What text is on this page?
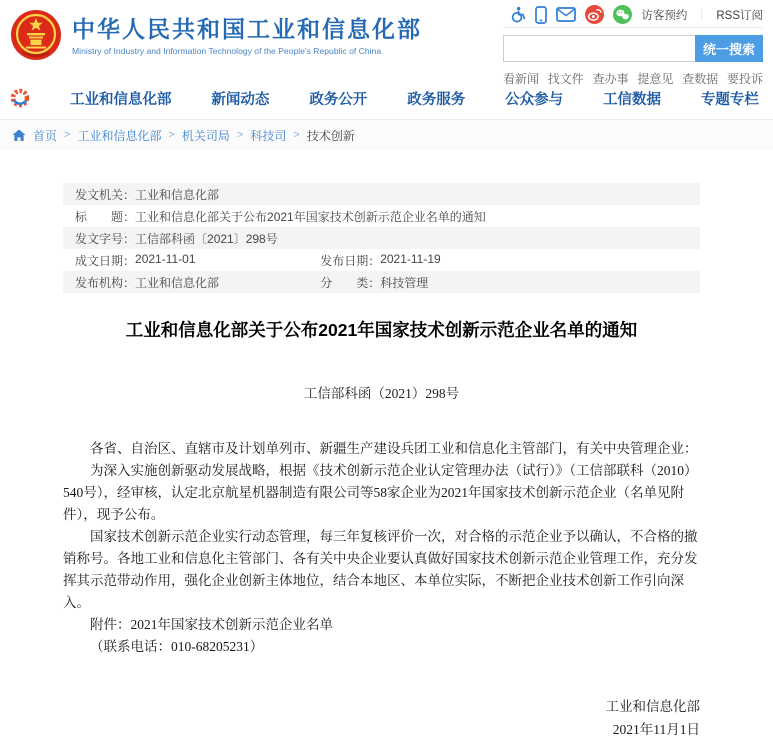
中华人民共和国工业和信息化部
Ministry of Industry and Information Technology of the People's Republic of China
访客预约 ｜ RSS订阅
统一搜索
看新闻 找文件 查办事 提意见 查数据 要投诉
工业和信息化部	新闻动态	政务公开	政务服务	公众参与	工信数据	专题专栏
首页 > 工业和信息化部 > 机关司局 > 科技司 > 技术创新
发文机关： 工业和信息化部
标　　题： 工业和信息化部关于公布2021年国家技术创新示范企业名单的通知
发文字号： 工信部科函〔2021〕298号
成文日期： 2021-11-01	发布日期： 2021-11-19
发布机构： 工业和信息化部	分　　类： 科技管理
工业和信息化部关于公布2021年国家技术创新示范企业名单的通知
工信部科函（2021）298号

各省、自治区、直辖市及计划单列市、新疆生产建设兵团工业和信息化主管部门，有关中央管理企业：

为深入实施创新驱动发展战略，根据《技术创新示范企业认定管理办法（试行）》（工信部联科（2010）540号），经审核，认定北京航星机器制造有限公司等58家企业为2021年国家技术创新示范企业（名单见附件），现予公布。

国家技术创新示范企业实行动态管理，每三年复核评价一次，对合格的示范企业予以确认，不合格的撤销称号。各地工业和信息化主管部门、各有关中央企业要认真做好国家技术创新示范企业管理工作，充分发挥其示范带动作用，强化企业创新主体地位，结合本地区、本单位实际，不断把企业技术创新工作引向深入。

附件：2021年国家技术创新示范企业名单

（联系电话：010-68205231）

工业和信息化部
2021年11月1日
